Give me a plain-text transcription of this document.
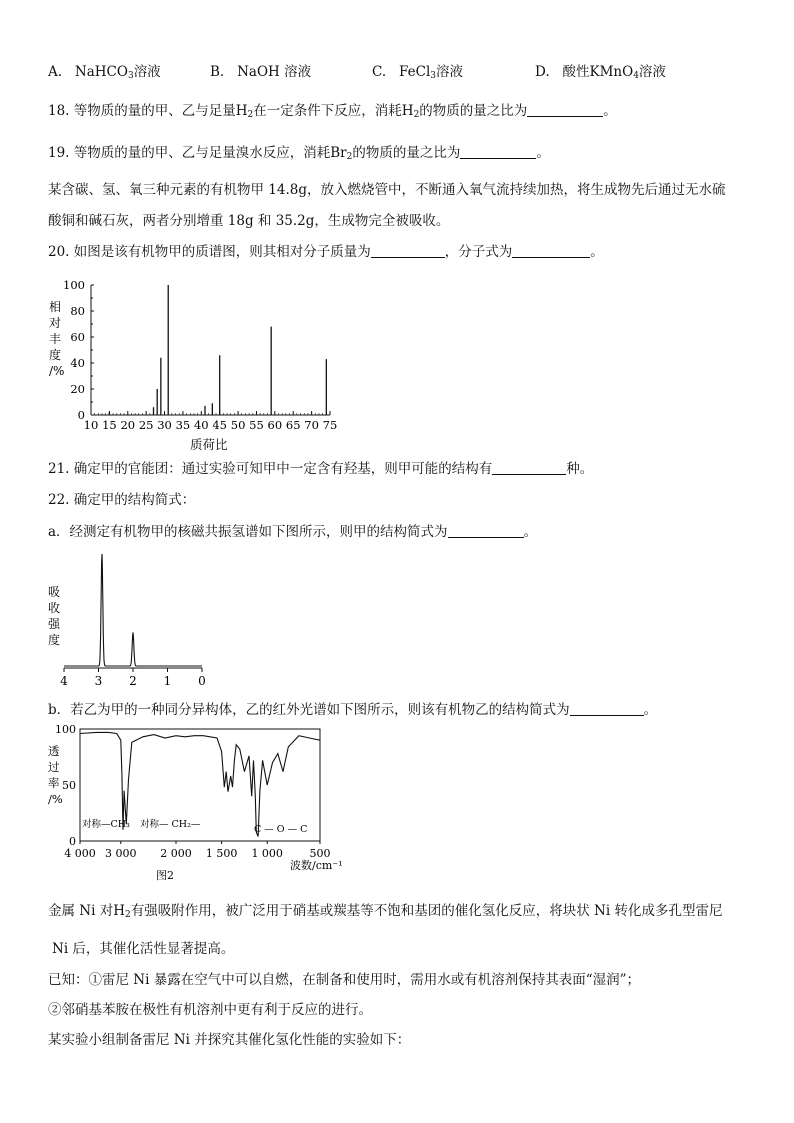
A. NaHCO$_3$溶液	B. NaOH 溶液	C. FeCl$_3$溶液	D. 酸性KMnO$_4$溶液
18. 等物质的量的甲、乙与足量$H_2$在一定条件下反应，消耗$H_2$的物质的量之比为	。
19. 等物质的量的甲、乙与足量溴水反应，消耗$Br_2$的物质的量之比为	。
某含碳、氢、氧三种元素的有机物甲 14.8g，放入燃烧管中，不断通入氧气流持续加热，将生成物先后通过无水硫
酸铜和碱石灰，两者分别增重 18g 和 35.2g，生成物完全被吸收。
20. 如图是该有机物甲的质谱图，则其相对分子质量为	，分子式为	。
相
对
丰
度
/%
100
80
60
40
20
0
10 15 20 25 30 35 40 45 50 55 60 65 70 75
质荷比
21. 确定甲的官能团：通过实验可知甲中一定含有羟基，则甲可能的结构有	种。
22. 确定甲的结构简式：
a．经测定有机物甲的核磁共振氢谱如下图所示，则甲的结构简式为	。
吸
收
强
度
4 3 2 1 0
b．若乙为甲的一种同分异构体，乙的红外光谱如下图所示，则该有机物乙的结构简式为	。
透
过
率
/%
100
50
0
对称—CH₃ 对称— CH₂—	C — O — C
4 000 3 000 2 000 1 500 1 000 500
波数/cm⁻¹
图2
金属 Ni 对$H_2$有强吸附作用，被广泛用于硝基或羰基等不饱和基团的催化氢化反应，将块状 Ni 转化成多孔型雷尼
Ni 后，其催化活性显著提高。
已知：①雷尼 Ni 暴露在空气中可以自燃，在制备和使用时，需用水或有机溶剂保持其表面“湿润”；
②邻硝基苯胺在极性有机溶剂中更有利于反应的进行。
某实验小组制备雷尼 Ni 并探究其催化氢化性能的实验如下：
